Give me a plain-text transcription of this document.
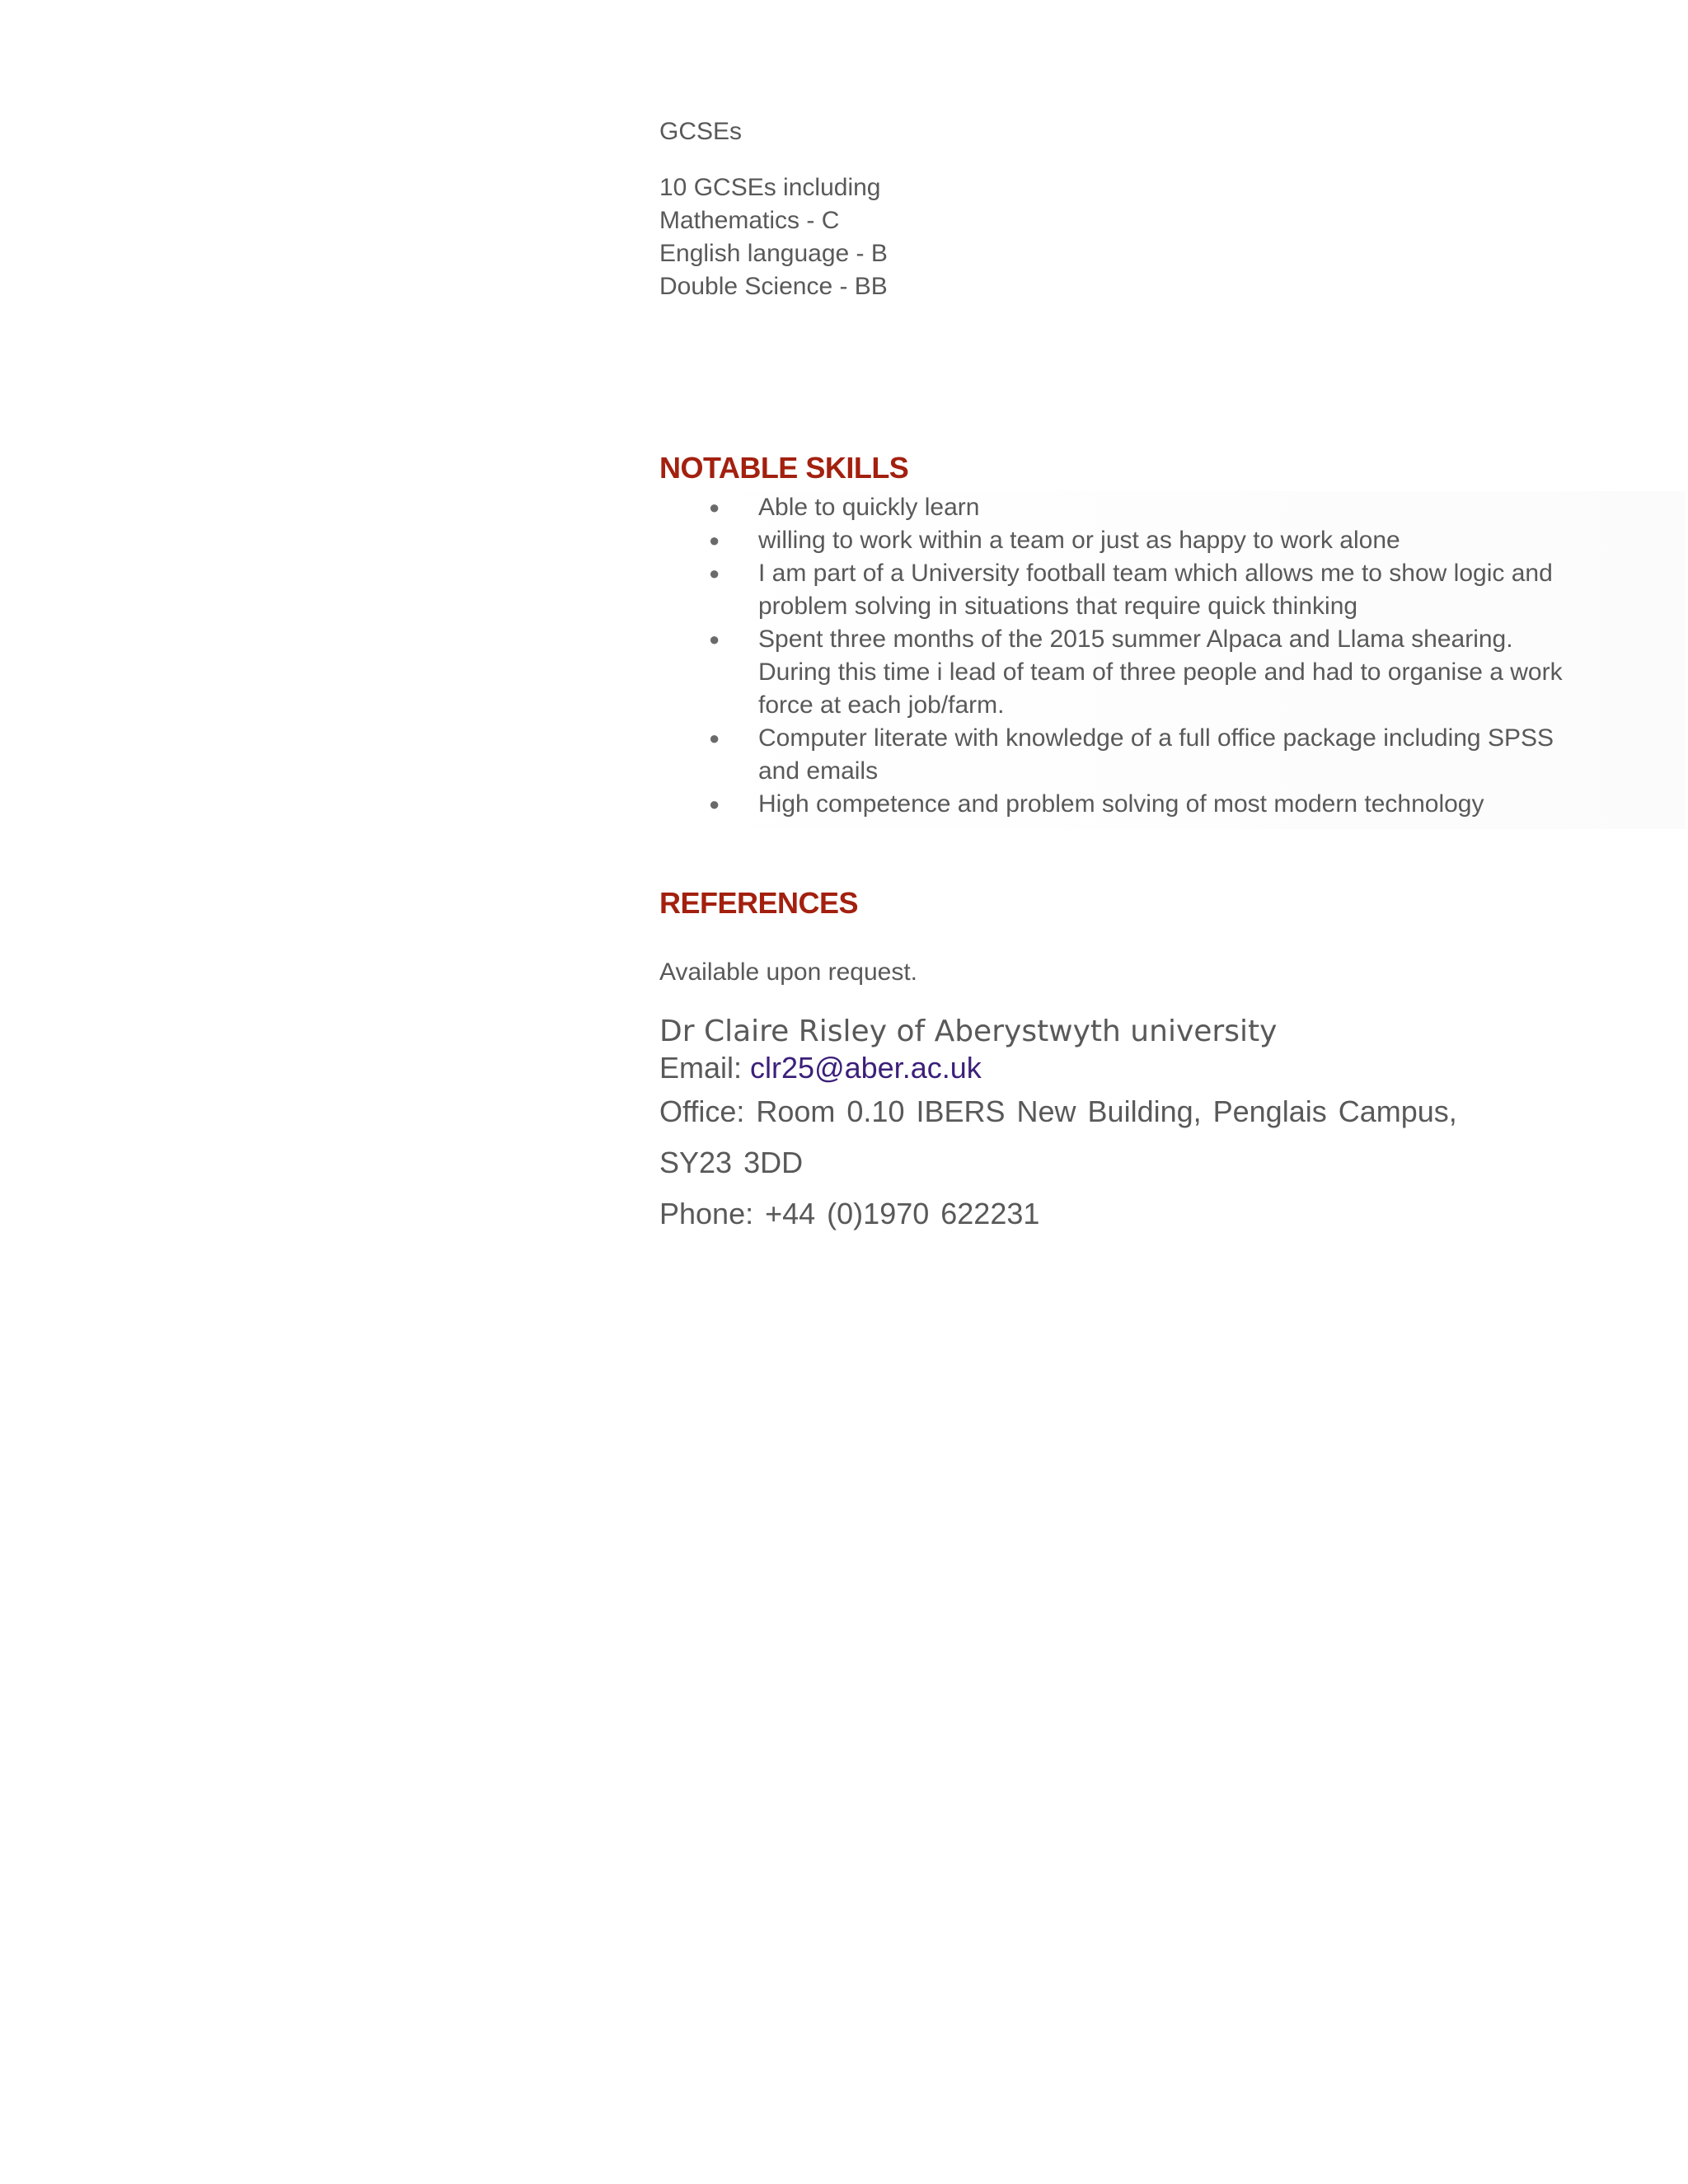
GCSEs

10 GCSEs including
Mathematics - C
English language - B
Double Science - BB
NOTABLE SKILLS
● Able to quickly learn
● willing to work within a team or just as happy to work alone
● I am part of a University football team which allows me to show logic and problem solving in situations that require quick thinking
● Spent three months of the 2015 summer Alpaca and Llama shearing. During this time i lead of team of three people and had to organise a work force at each job/farm.
● Computer literate with knowledge of a full office package including SPSS and emails
● High competence and problem solving of most modern technology
REFERENCES

Available upon request.

Dr Claire Risley of Aberystwyth university

Email: clr25@aber.ac.uk

Office: Room 0.10 IBERS New Building, Penglais Campus, SY23 3DD

Phone: +44 (0)1970 622231
